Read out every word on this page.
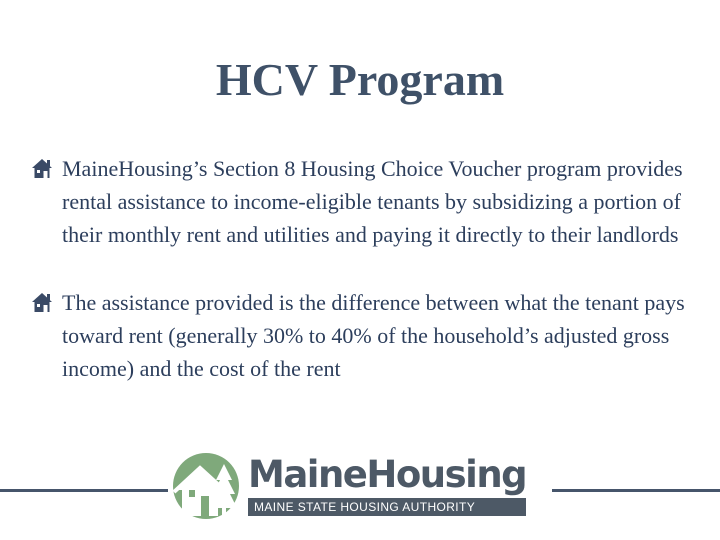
HCV Program
MaineHousing’s Section 8 Housing Choice Voucher program provides rental assistance to income-eligible tenants by subsidizing a portion of their monthly rent and utilities and paying it directly to their landlords
The assistance provided is the difference between what the tenant pays toward rent (generally 30% to 40% of the household’s adjusted gross income) and the cost of the rent
MaineHousing
MAINE STATE HOUSING AUTHORITY
